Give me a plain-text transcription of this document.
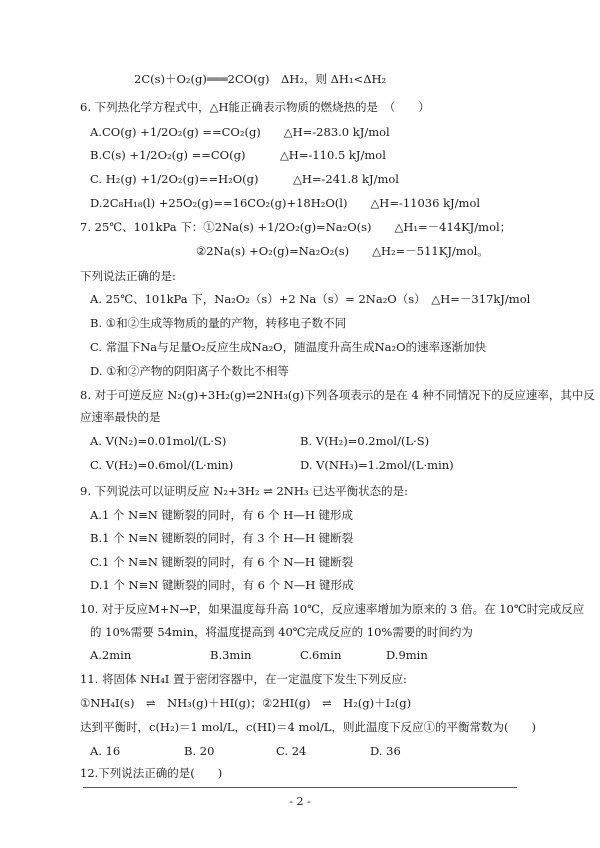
2C(s)＋O₂(g)═══2CO(g)　ΔH₂，则 ΔH₁<ΔH₂
6. 下列热化学方程式中，△H能正确表示物质的燃烧热的是　（　　）
A.CO(g) +1/2O₂(g) ==CO₂(g)　　△H=-283.0 kJ/mol
B.C(s) +1/2O₂(g) ==CO(g)　　　△H=-110.5 kJ/mol
C. H₂(g) +1/2O₂(g)==H₂O(g)　　　△H=-241.8 kJ/mol
D.2C₈H₁₈(l) +25O₂(g)==16CO₂(g)+18H₂O(l)　　△H=-11036 kJ/mol
7. 25℃、101kPa 下：①2Na(s) +1/2O₂(g)=Na₂O(s)　　△H₁=－414KJ/mol；
②2Na(s) +O₂(g)=Na₂O₂(s)　　△H₂=－511KJ/mol。
下列说法正确的是:
A. 25℃、101kPa 下，Na₂O₂（s）+2 Na（s）= 2Na₂O（s）　△H=－317kJ/mol
B. ①和②生成等物质的量的产物，转移电子数不同
C. 常温下Na与足量O₂反应生成Na₂O，随温度升高生成Na₂O的速率逐渐加快
D. ①和②产物的阴阳离子个数比不相等
8. 对于可逆反应 N₂(g)+3H₂(g)⇌2NH₃(g)下列各项表示的是在 4 种不同情况下的反应速率，其中反
应速率最快的是
A. V(N₂)=0.01mol/(L·S)	B. V(H₂)=0.2mol/(L·S)
C. V(H₂)=0.6mol/(L·min)	D. V(NH₃)=1.2mol/(L·min)
9. 下列说法可以证明反应 N₂+3H₂ ⇌ 2NH₃ 已达平衡状态的是:
A.1 个 N≡N 键断裂的同时，有 6 个 H—H 键形成
B.1 个 N≡N 键断裂的同时，有 3 个 H—H 键断裂
C.1 个 N≡N 键断裂的同时，有 6 个 N—H 键断裂
D.1 个 N≡N 键断裂的同时，有 6 个 N—H 键形成
10. 对于反应M+N→P，如果温度每升高 10℃，反应速率增加为原来的 3 倍。在 10℃时完成反应
的 10%需要 54min，将温度提高到 40℃完成反应的 10%需要的时间约为
A.2min	B.3min	C.6min	D.9min
11. 将固体 NH₄I 置于密闭容器中，在一定温度下发生下列反应:
①NH₄I(s)　⇌　NH₃(g)＋HI(g)；②2HI(g)　⇌　H₂(g)＋I₂(g)
达到平衡时，c(H₂)＝1 mol/L，c(HI)＝4 mol/L，则此温度下反应①的平衡常数为(　　)
A. 16	B. 20	C. 24	D. 36
12.下列说法正确的是(　　)
- 2 -
